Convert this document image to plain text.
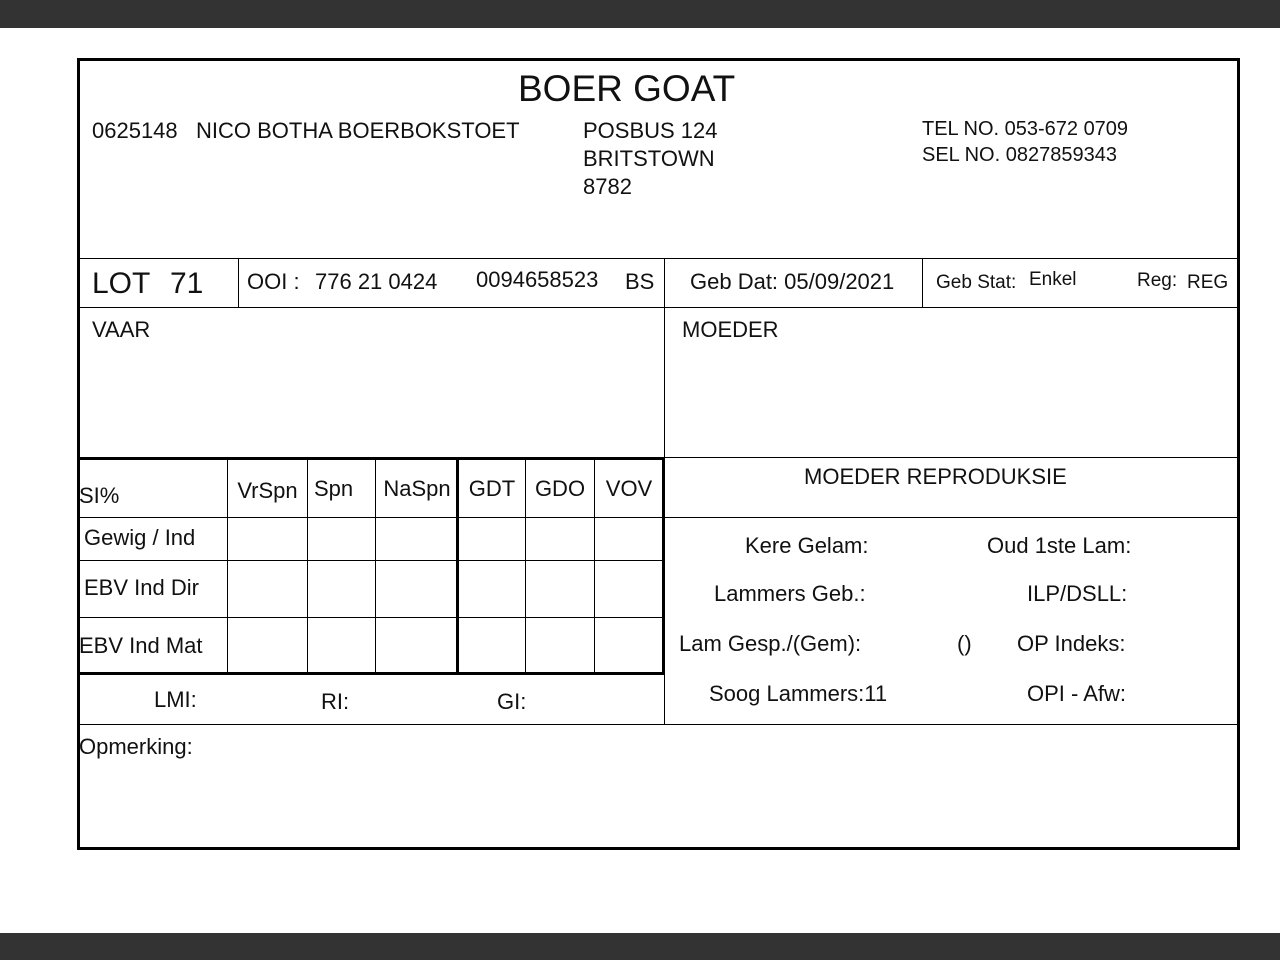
BOER GOAT
0625148 NICO BOTHA BOERBOKSTOET	POSBUS 124
BRITSTOWN
8782
TEL NO. 053-672 0709
SEL NO. 0827859343
LOT 71 OOI : 776 21 0424 0094658523 BS Geb Dat: 05/09/2021 Geb Stat: Enkel	Reg: REG
VAAR	MOEDER
SI%	VrSpn Spn	NaSpn GDT GDO VOV
Gewig / Ind
EBV Ind Dir
EBV Ind Mat
LMI:	RI:	GI:
MOEDER REPRODUKSIE
Kere Gelam:	Oud 1ste Lam:
Lammers Geb.:	ILP/DSLL:
Lam Gesp./(Gem):	() OP Indeks:
Soog Lammers:11	OPI - Afw:
Opmerking:
